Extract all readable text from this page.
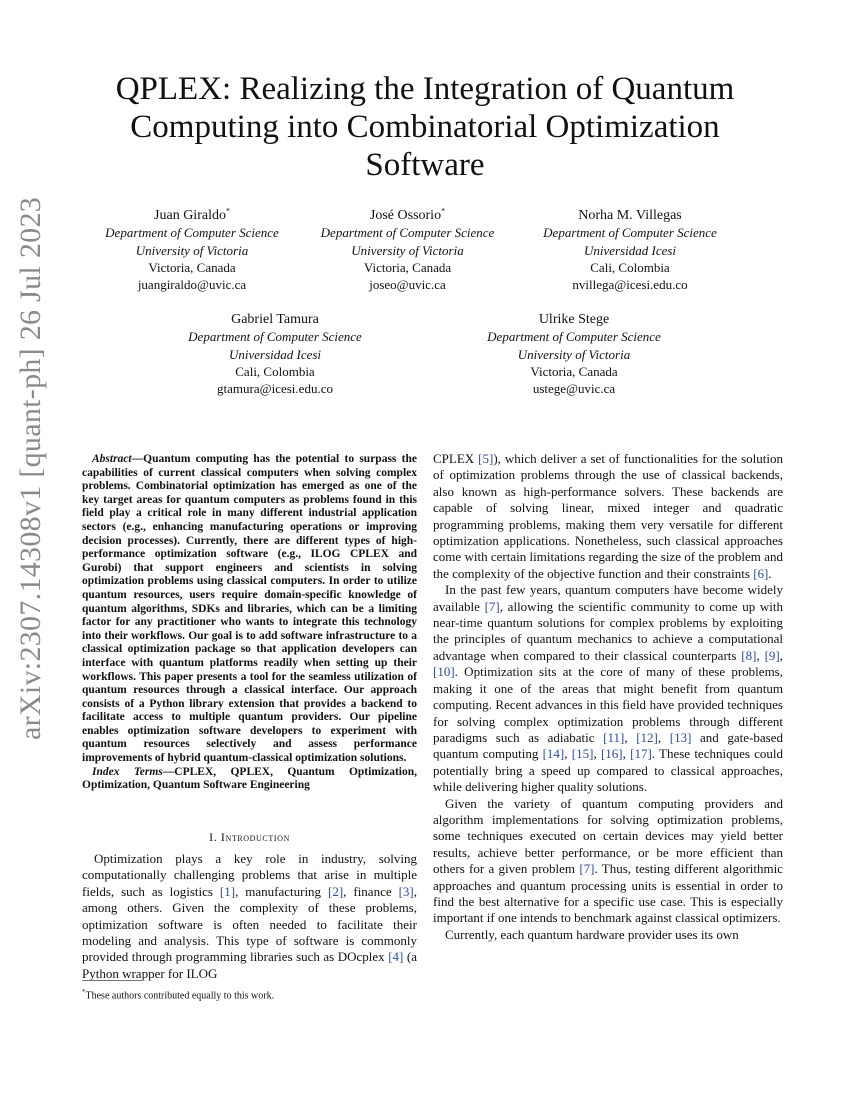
arXiv:2307.14308v1 [quant-ph] 26 Jul 2023
QPLEX: Realizing the Integration of Quantum Computing into Combinatorial Optimization Software
Juan Giraldo*
Department of Computer Science
University of Victoria
Victoria, Canada
juangiraldo@uvic.ca
José Ossorio*
Department of Computer Science
University of Victoria
Victoria, Canada
joseo@uvic.ca
Norha M. Villegas
Department of Computer Science
Universidad Icesi
Cali, Colombia
nvillega@icesi.edu.co
Gabriel Tamura
Department of Computer Science
Universidad Icesi
Cali, Colombia
gtamura@icesi.edu.co
Ulrike Stege
Department of Computer Science
University of Victoria
Victoria, Canada
ustege@uvic.ca

Abstract—Quantum computing has the potential to surpass the capabilities of current classical computers when solving complex problems. Combinatorial optimization has emerged as one of the key target areas for quantum computers as problems found in this field play a critical role in many different industrial application sectors (e.g., enhancing manufacturing operations or improving decision processes). Currently, there are different types of high-performance optimization software (e.g., ILOG CPLEX and Gurobi) that support engineers and scientists in solving optimization problems using classical computers. In order to utilize quantum resources, users require domain-specific knowledge of quantum algorithms, SDKs and libraries, which can be a limiting factor for any practitioner who wants to integrate this technology into their workflows. Our goal is to add software infrastructure to a classical optimization package so that application developers can interface with quantum platforms readily when setting up their workflows. This paper presents a tool for the seamless utilization of quantum resources through a classical interface. Our approach consists of a Python library extension that provides a backend to facilitate access to multiple quantum providers. Our pipeline enables optimization software developers to experiment with quantum resources selectively and assess performance improvements of hybrid quantum-classical optimization solutions.

Index Terms—CPLEX, QPLEX, Quantum Optimization, Optimization, Quantum Software Engineering

I. Introduction

Optimization plays a key role in industry, solving computationally challenging problems that arise in multiple fields, such as logistics [1], manufacturing [2], finance [3], among others. Given the complexity of these problems, optimization software is often needed to facilitate their modeling and analysis. This type of software is commonly provided through programming libraries such as DOcplex [4] (a Python wrapper for ILOG

*These authors contributed equally to this work.

CPLEX [5]), which deliver a set of functionalities for the solution of optimization problems through the use of classical backends, also known as high-performance solvers. These backends are capable of solving linear, mixed integer and quadratic programming problems, making them very versatile for different optimization applications. Nonetheless, such classical approaches come with certain limitations regarding the size of the problem and the complexity of the objective function and their constraints [6].

In the past few years, quantum computers have become widely available [7], allowing the scientific community to come up with near-time quantum solutions for complex problems by exploiting the principles of quantum mechanics to achieve a computational advantage when compared to their classical counterparts [8], [9], [10]. Optimization sits at the core of many of these problems, making it one of the areas that might benefit from quantum computing. Recent advances in this field have provided techniques for solving complex optimization problems through different paradigms such as adiabatic [11], [12], [13] and gate-based quantum computing [14], [15], [16], [17]. These techniques could potentially bring a speed up compared to classical approaches, while delivering higher quality solutions.

Given the variety of quantum computing providers and algorithm implementations for solving optimization problems, some techniques executed on certain devices may yield better results, achieve better performance, or be more efficient than others for a given problem [7]. Thus, testing different algorithmic approaches and quantum processing units is essential in order to find the best alternative for a specific use case. This is especially important if one intends to benchmark against classical optimizers.

Currently, each quantum hardware provider uses its own
